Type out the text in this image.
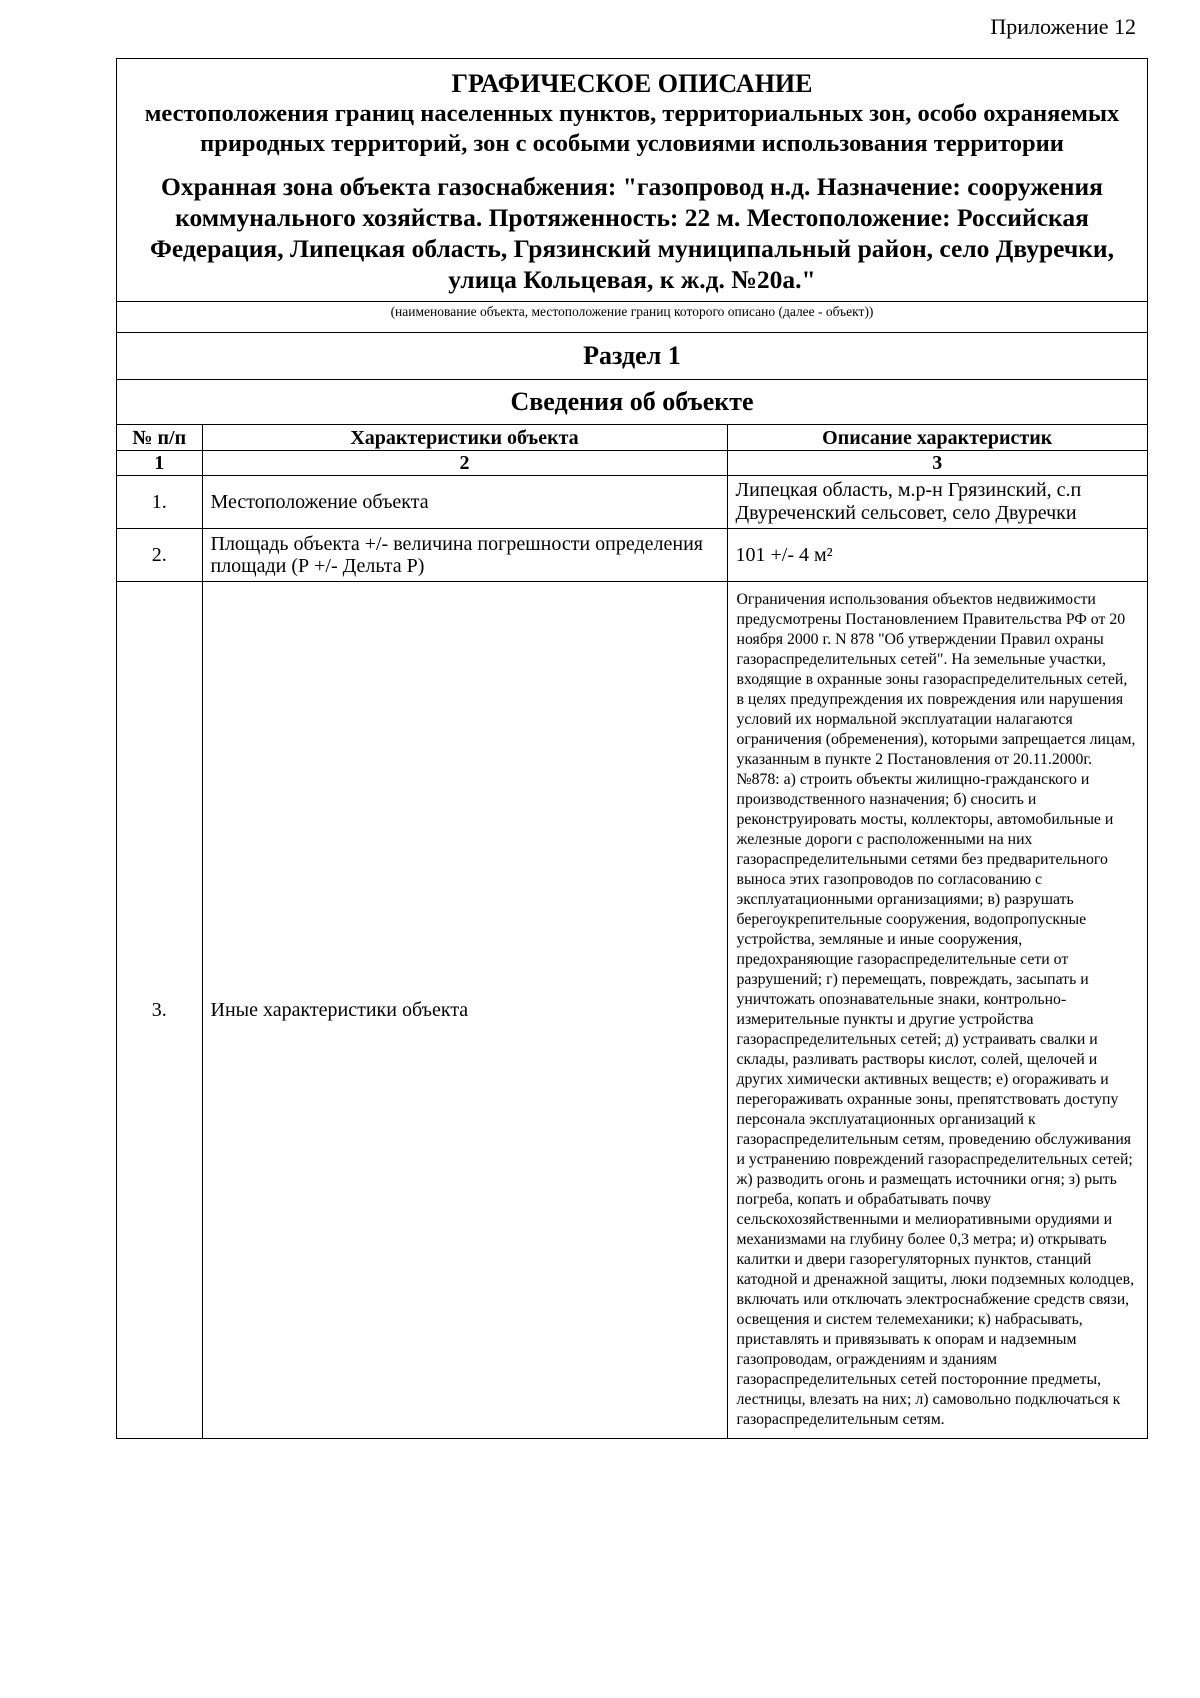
Приложение 12
ГРАФИЧЕСКОЕ ОПИСАНИЕ
местоположения границ населенных пунктов, территориальных зон, особо охраняемых природных территорий, зон с особыми условиями использования территории
Охранная зона объекта газоснабжения: "газопровод н.д. Назначение: сооружения коммунального хозяйства. Протяженность: 22 м. Местоположение: Российская Федерация, Липецкая область, Грязинский муниципальный район, село Двуречки, улица Кольцевая, к ж.д. №20а."
(наименование объекта, местоположение границ которого описано (далее - объект))
Раздел 1
Сведения об объекте
№ п/п	Характеристики объекта	Описание характеристик
1	2	3
1.	Местоположение объекта	Липецкая область, м.р-н Грязинский, с.п Двуреченский сельсовет, село Двуречки
2.	Площадь объекта +/- величина погрешности определения площади (Р +/- Дельта Р)	101 +/- 4 м²
3.	Иные характеристики объекта	Ограничения использования объектов недвижимости предусмотрены Постановлением Правительства РФ от 20 ноября 2000 г. N 878 "Об утверждении Правил охраны газораспределительных сетей". На земельные участки, входящие в охранные зоны газораспределительных сетей, в целях предупреждения их повреждения или нарушения условий их нормальной эксплуатации налагаются ограничения (обременения), которыми запрещается лицам, указанным в пункте 2 Постановления от 20.11.2000г. №878: а) строить объекты жилищно-гражданского и производственного назначения; б) сносить и реконструировать мосты, коллекторы, автомобильные и железные дороги с расположенными на них газораспределительными сетями без предварительного выноса этих газопроводов по согласованию с эксплуатационными организациями; в) разрушать берегоукрепительные сооружения, водопропускные устройства, земляные и иные сооружения, предохраняющие газораспределительные сети от разрушений; г) перемещать, повреждать, засыпать и уничтожать опознавательные знаки, контрольно-измерительные пункты и другие устройства газораспределительных сетей; д) устраивать свалки и склады, разливать растворы кислот, солей, щелочей и других химически активных веществ; е) огораживать и перегораживать охранные зоны, препятствовать доступу персонала эксплуатационных организаций к газораспределительным сетям, проведению обслуживания и устранению повреждений газораспределительных сетей; ж) разводить огонь и размещать источники огня; з) рыть погреба, копать и обрабатывать почву сельскохозяйственными и мелиоративными орудиями и механизмами на глубину более 0,3 метра; и) открывать калитки и двери газорегуляторных пунктов, станций катодной и дренажной защиты, люки подземных колодцев, включать или отключать электроснабжение средств связи, освещения и систем телемеханики; к) набрасывать, приставлять и привязывать к опорам и надземным газопроводам, ограждениям и зданиям газораспределительных сетей посторонние предметы, лестницы, влезать на них; л) самовольно подключаться к газораспределительным сетям.
